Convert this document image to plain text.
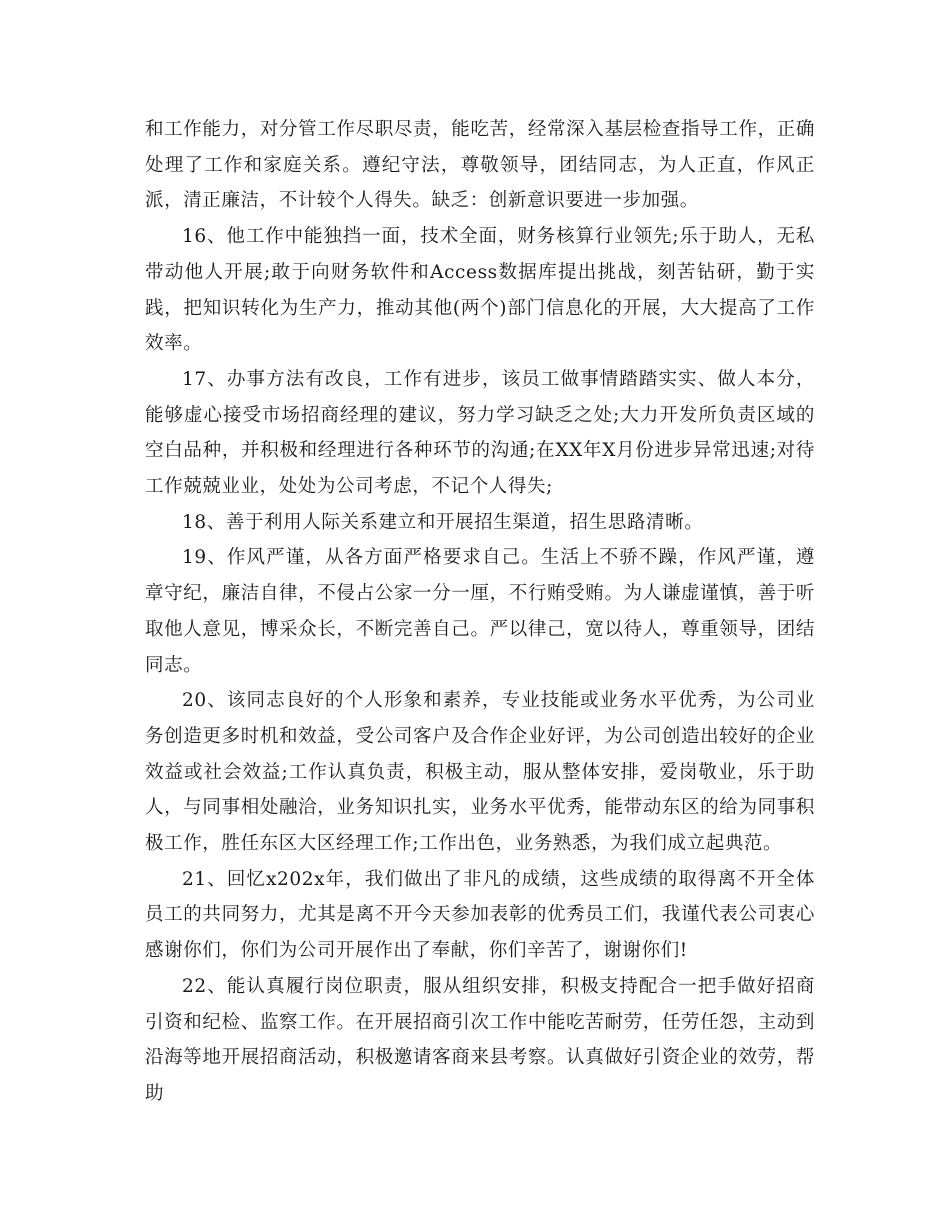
和工作能力，对分管工作尽职尽责，能吃苦，经常深入基层检查指导工作，正确处理了工作和家庭关系。遵纪守法，尊敬领导，团结同志，为人正直，作风正派，清正廉洁，不计较个人得失。缺乏：创新意识要进一步加强。

16、他工作中能独挡一面，技术全面，财务核算行业领先;乐于助人，无私带动他人开展;敢于向财务软件和Access数据库提出挑战，刻苦钻研，勤于实践，把知识转化为生产力，推动其他(两个)部门信息化的开展，大大提高了工作效率。

17、办事方法有改良，工作有进步，该员工做事情踏踏实实、做人本分，能够虚心接受市场招商经理的建议，努力学习缺乏之处;大力开发所负责区域的空白品种，并积极和经理进行各种环节的沟通;在XX年X月份进步异常迅速;对待工作兢兢业业，处处为公司考虑，不记个人得失;

18、善于利用人际关系建立和开展招生渠道，招生思路清晰。

19、作风严谨，从各方面严格要求自己。生活上不骄不躁，作风严谨，遵章守纪，廉洁自律，不侵占公家一分一厘，不行贿受贿。为人谦虚谨慎，善于听取他人意见，博采众长，不断完善自己。严以律己，宽以待人，尊重领导，团结同志。

20、该同志良好的个人形象和素养，专业技能或业务水平优秀，为公司业务创造更多时机和效益，受公司客户及合作企业好评，为公司创造出较好的企业效益或社会效益;工作认真负责，积极主动，服从整体安排，爱岗敬业，乐于助人，与同事相处融洽，业务知识扎实，业务水平优秀，能带动东区的给为同事积极工作，胜任东区大区经理工作;工作出色，业务熟悉，为我们成立起典范。

21、回忆x202x年，我们做出了非凡的成绩，这些成绩的取得离不开全体员工的共同努力，尤其是离不开今天参加表彰的优秀员工们，我谨代表公司衷心感谢你们，你们为公司开展作出了奉献，你们辛苦了，谢谢你们!

22、能认真履行岗位职责，服从组织安排，积极支持配合一把手做好招商引资和纪检、监察工作。在开展招商引次工作中能吃苦耐劳，任劳任怨，主动到沿海等地开展招商活动，积极邀请客商来县考察。认真做好引资企业的效劳，帮助
